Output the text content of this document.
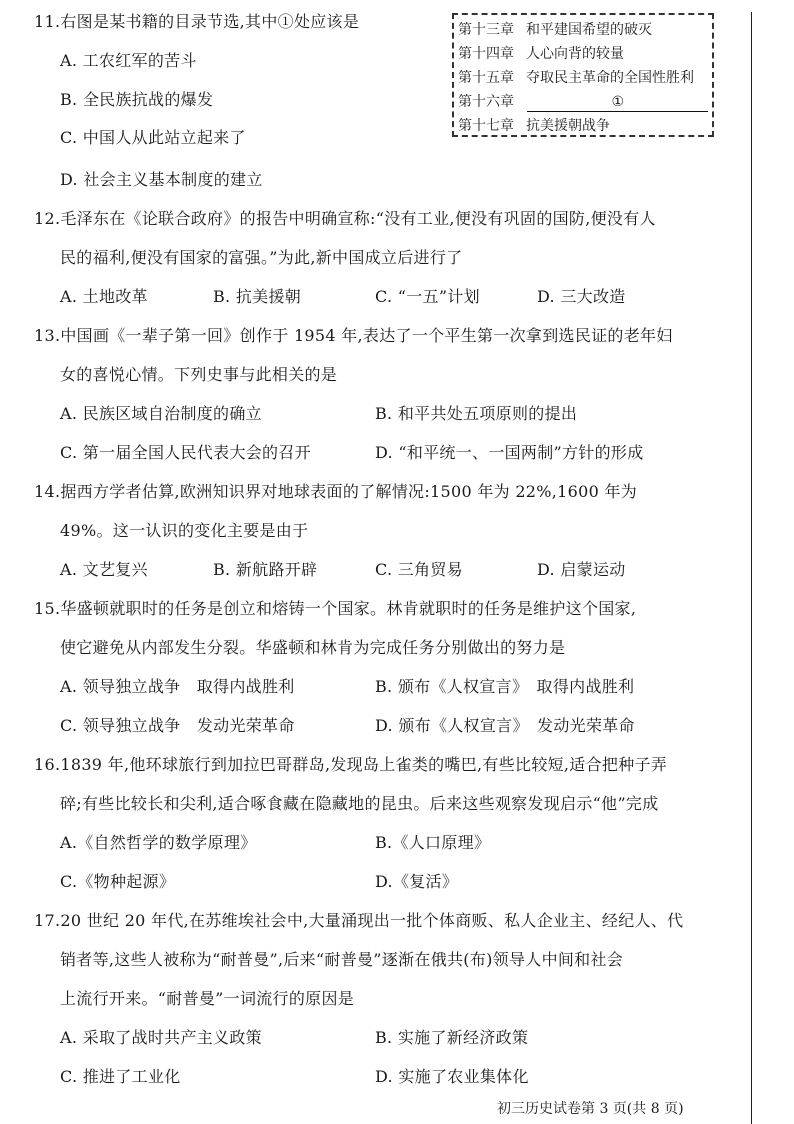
11.右图是某书籍的目录节选,其中①处应该是
A. 工农红军的苦斗
B. 全民族抗战的爆发
C. 中国人从此站立起来了
D. 社会主义基本制度的建立
第十三章 和平建国希望的破灭
第十四章 人心向背的较量
第十五章 夺取民主革命的全国性胜利
第十六章	①
第十七章 抗美援朝战争
12.毛泽东在《论联合政府》的报告中明确宣称:“没有工业,便没有巩固的国防,便没有人
民的福利,便没有国家的富强。”为此,新中国成立后进行了
A. 土地改革	B. 抗美援朝	C. “一五”计划	D. 三大改造
13.中国画《一辈子第一回》创作于 1954 年,表达了一个平生第一次拿到选民证的老年妇
女的喜悦心情。下列史事与此相关的是
A. 民族区域自治制度的确立	B. 和平共处五项原则的提出
C. 第一届全国人民代表大会的召开	D. “和平统一、一国两制”方针的形成
14.据西方学者估算,欧洲知识界对地球表面的了解情况:1500 年为 22%,1600 年为
49%。这一认识的变化主要是由于
A. 文艺复兴	B. 新航路开辟	C. 三角贸易	D. 启蒙运动
15.华盛顿就职时的任务是创立和熔铸一个国家。林肯就职时的任务是维护这个国家,
使它避免从内部发生分裂。华盛顿和林肯为完成任务分别做出的努力是
A. 领导独立战争　取得内战胜利	B. 颁布《人权宣言》　取得内战胜利
C. 领导独立战争　发动光荣革命	D. 颁布《人权宣言》　发动光荣革命
16.1839 年,他环球旅行到加拉巴哥群岛,发现岛上雀类的嘴巴,有些比较短,适合把种子弄
碎;有些比较长和尖利,适合啄食藏在隐藏地的昆虫。后来这些观察发现启示“他”完成
A.《自然哲学的数学原理》	B.《人口原理》
C.《物种起源》	D.《复活》
17.20 世纪 20 年代,在苏维埃社会中,大量涌现出一批个体商贩、私人企业主、经纪人、代
销者等,这些人被称为“耐普曼”,后来“耐普曼”逐渐在俄共(布)领导人中间和社会
上流行开来。“耐普曼”一词流行的原因是
A. 采取了战时共产主义政策	B. 实施了新经济政策
C. 推进了工业化	D. 实施了农业集体化
初三历史试卷第 3 页(共 8 页)
